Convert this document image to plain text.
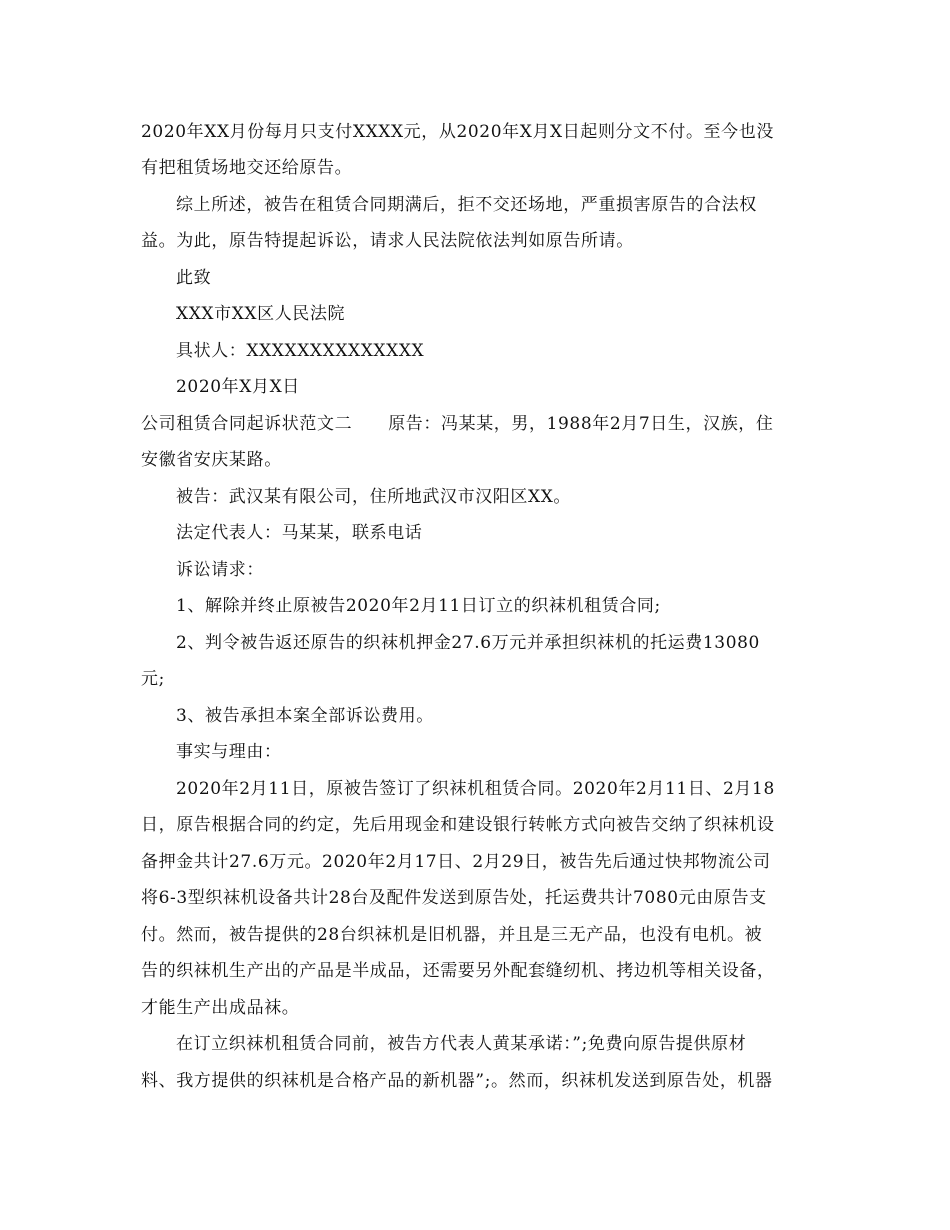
2020年XX月份每月只支付XXXX元，从2020年X月X日起则分文不付。至今也没
有把租赁场地交还给原告。
综上所述，被告在租赁合同期满后，拒不交还场地，严重损害原告的合法权
益。为此，原告特提起诉讼，请求人民法院依法判如原告所请。
此致
XXX市XX区人民法院
具状人：XXXXXXXXXXXXXX
2020年X月X日
公司租赁合同起诉状范文二 原告：冯某某，男，1988年2月7日生，汉族，住
安徽省安庆某路。
被告：武汉某有限公司，住所地武汉市汉阳区XX。
法定代表人：马某某，联系电话
诉讼请求：
1、解除并终止原被告2020年2月11日订立的织袜机租赁合同;
2、判令被告返还原告的织袜机押金27.6万元并承担织袜机的托运费13080
元;
3、被告承担本案全部诉讼费用。
事实与理由：
2020年2月11日，原被告签订了织袜机租赁合同。2020年2月11日、2月18
日，原告根据合同的约定，先后用现金和建设银行转帐方式向被告交纳了织袜机设
备押金共计27.6万元。2020年2月17日、2月29日，被告先后通过快邦物流公司
将6-3型织袜机设备共计28台及配件发送到原告处，托运费共计7080元由原告支
付。然而，被告提供的28台织袜机是旧机器，并且是三无产品，也没有电机。被
告的织袜机生产出的产品是半成品，还需要另外配套缝纫机、拷边机等相关设备，
才能生产出成品袜。
在订立织袜机租赁合同前，被告方代表人黄某承诺：”;免费向原告提供原材
料、我方提供的织袜机是合格产品的新机器”;。然而，织袜机发送到原告处，机器
